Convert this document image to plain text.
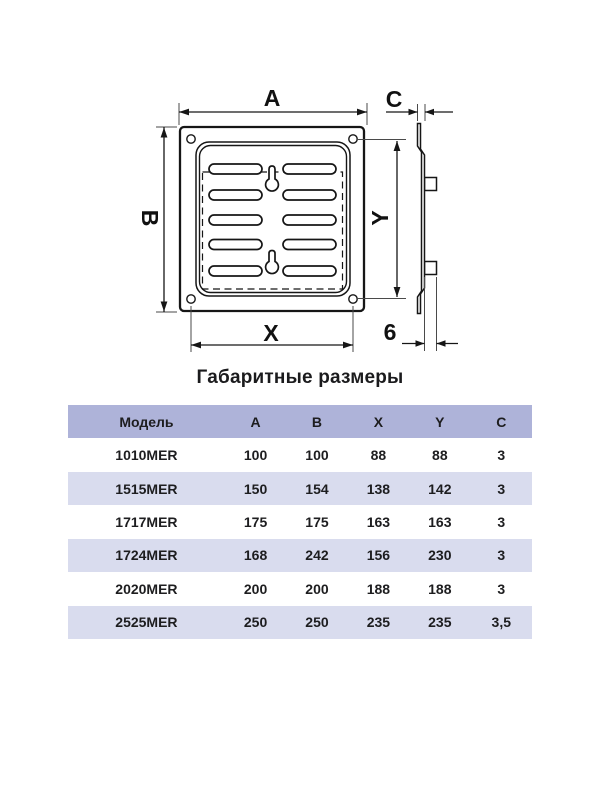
A	C
B	Y
X	6
Габаритные размеры
Модель	A	B	X	Y	C
1010MER	100	100	88	88	3
1515MER	150	154	138	142	3
1717MER	175	175	163	163	3
1724MER	168	242	156	230	3
2020MER	200	200	188	188	3
2525MER	250	250	235	235	3,5
